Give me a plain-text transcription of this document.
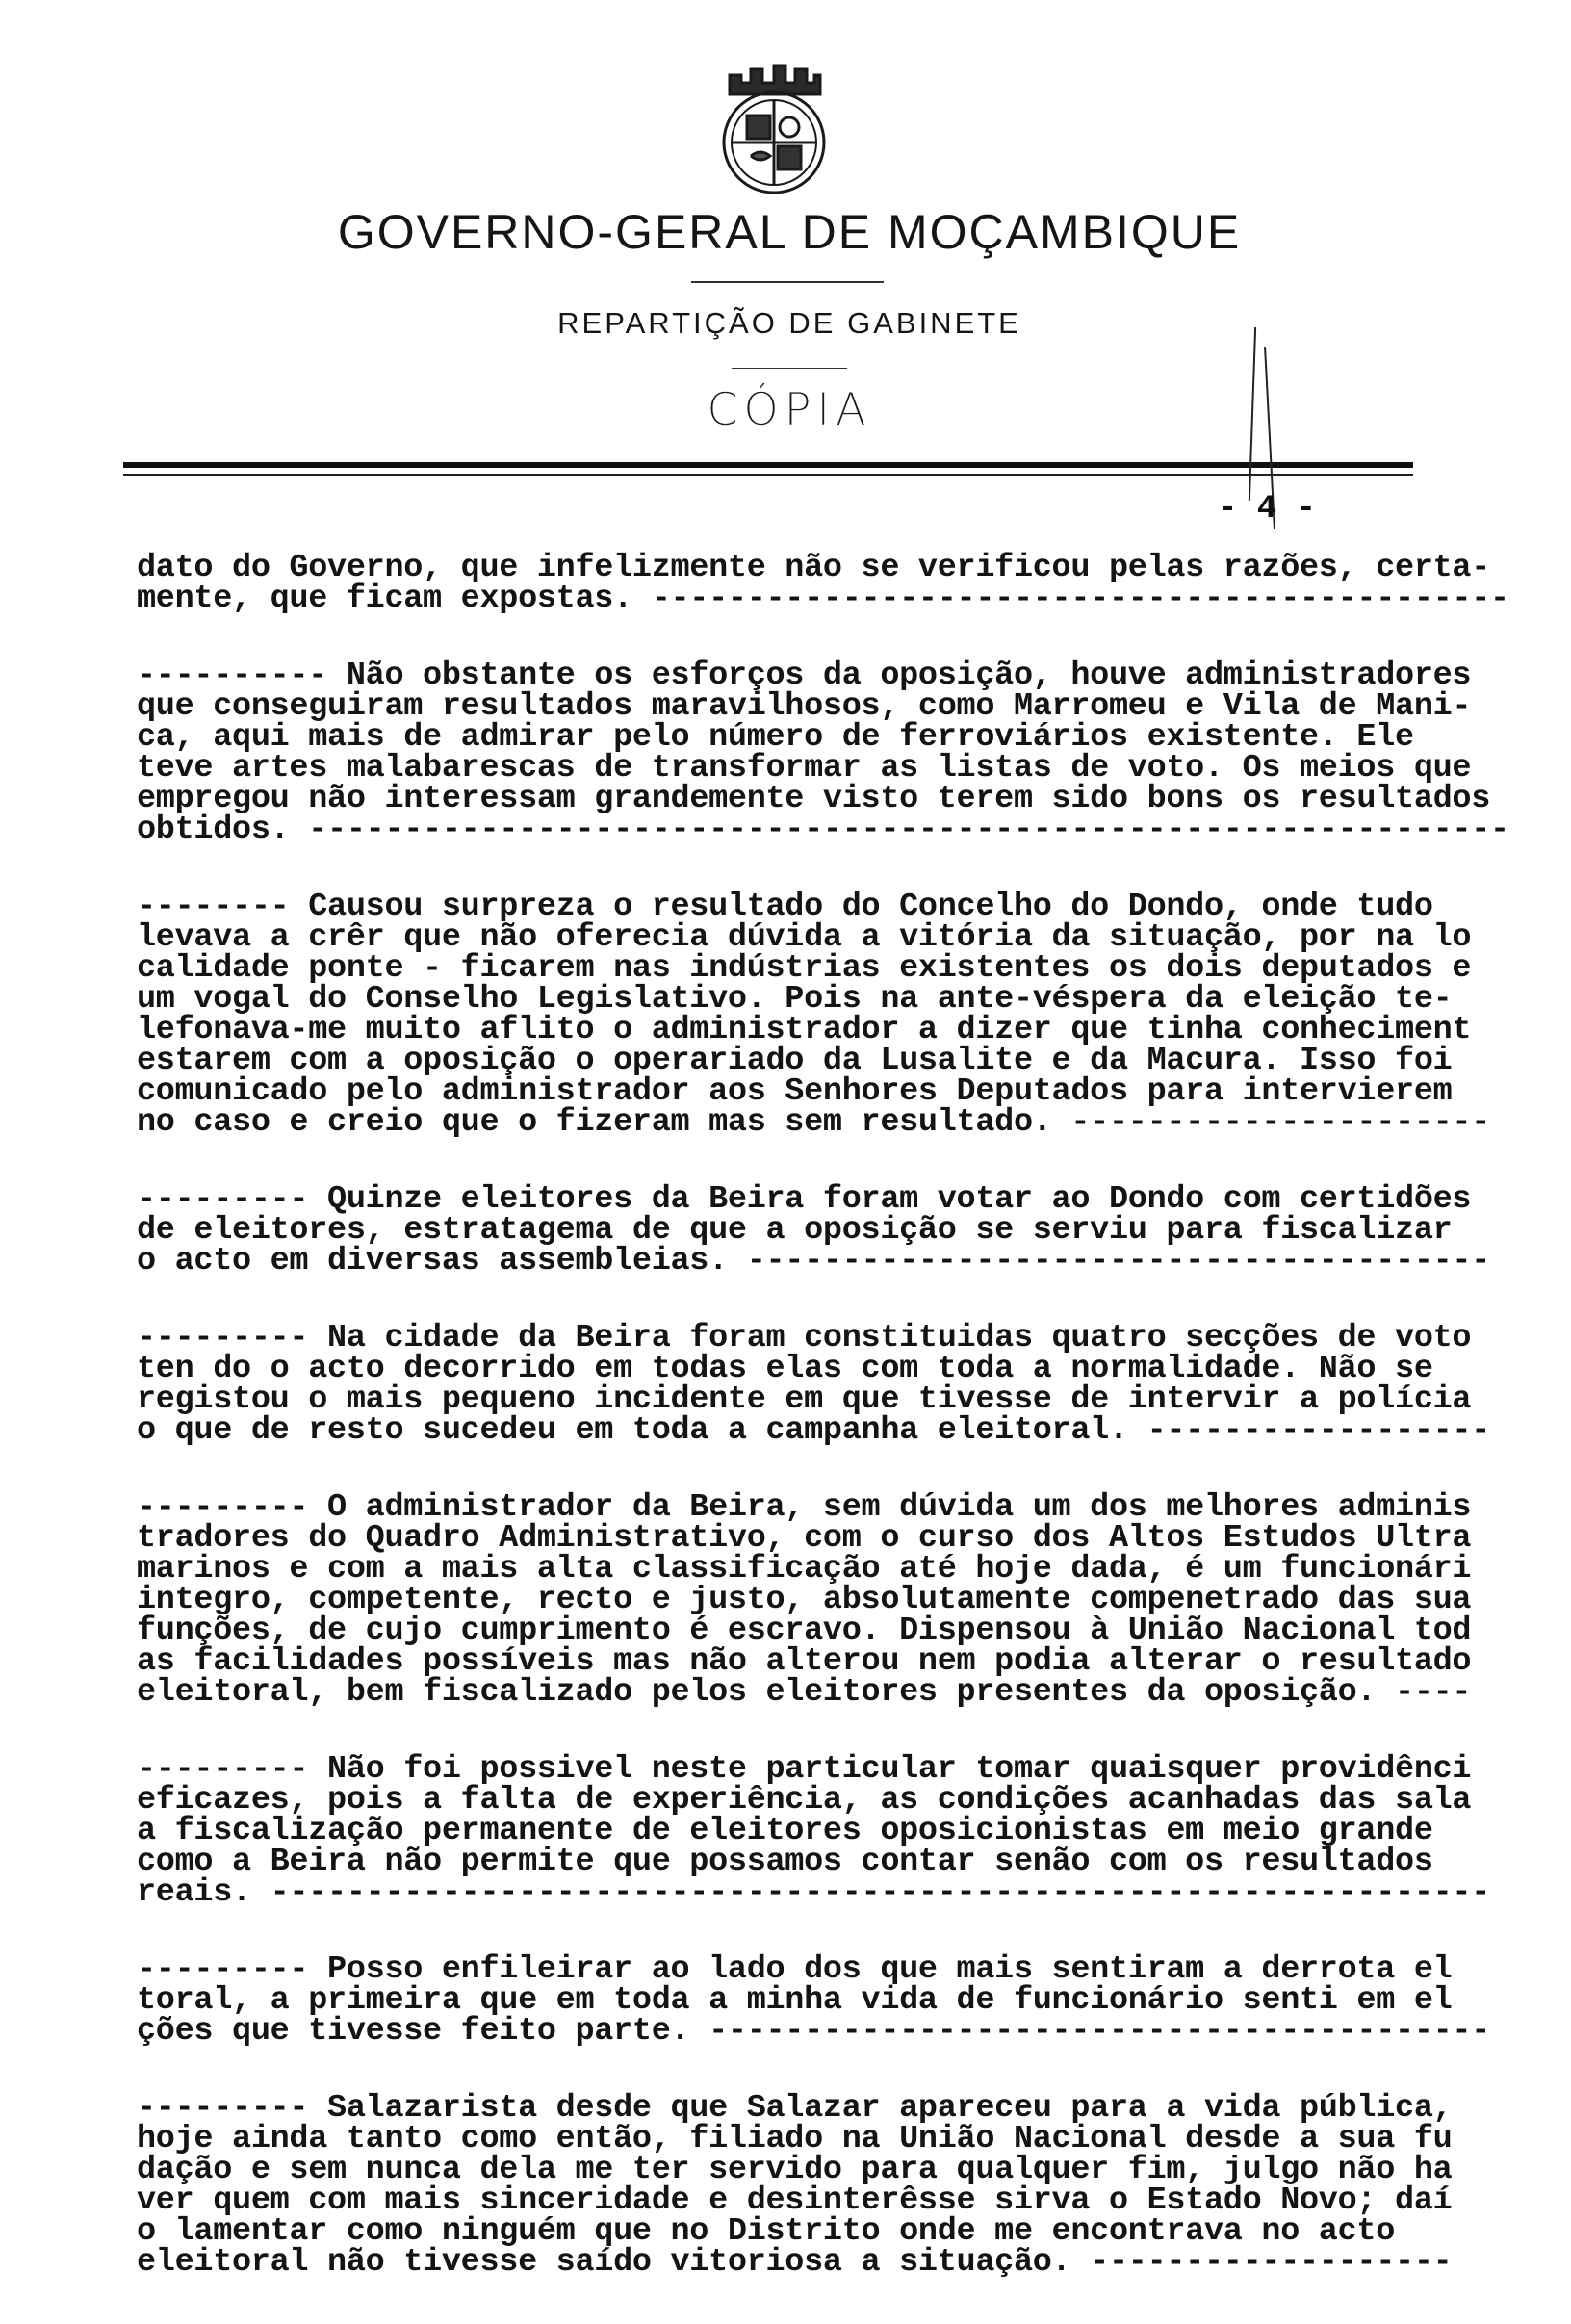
GOVERNO-GERAL DE MOÇAMBIQUE
REPARTIÇÃO DE GABINETE
CÓPIA
- 4 -
dato do Governo, que infelizmente não se verificou pelas razões, certa-
mente, que ficam expostas. ---------------------------------------------
---------- Não obstante os esforços da oposição, houve administradores
que conseguiram resultados maravilhosos, como Marromeu e Vila de Mani-
ca, aqui mais de admirar pelo número de ferroviários existente. Ele
teve artes malabarescas de transformar as listas de voto. Os meios que
empregou não interessam grandemente visto terem sido bons os resultados
obtidos. ---------------------------------------------------------------
-------- Causou surpreza o resultado do Concelho do Dondo, onde tudo
levava a crêr que não oferecia dúvida a vitória da situação, por na lo
calidade ponte - ficarem nas indústrias existentes os dois deputados e
um vogal do Conselho Legislativo. Pois na ante-véspera da eleição te-
lefonava-me muito aflito o administrador a dizer que tinha conheciment
estarem com a oposição o operariado da Lusalite e da Macura. Isso foi
comunicado pelo administrador aos Senhores Deputados para intervierem
no caso e creio que o fizeram mas sem resultado. ----------------------
--------- Quinze eleitores da Beira foram votar ao Dondo com certidões
de eleitores, estratagema de que a oposição se serviu para fiscalizar
o acto em diversas assembleias. ---------------------------------------
--------- Na cidade da Beira foram constituidas quatro secções de voto
ten do o acto decorrido em todas elas com toda a normalidade. Não se
registou o mais pequeno incidente em que tivesse de intervir a polícia
o que de resto sucedeu em toda a campanha eleitoral. ------------------
--------- O administrador da Beira, sem dúvida um dos melhores adminis
tradores do Quadro Administrativo, com o curso dos Altos Estudos Ultra
marinos e com a mais alta classificação até hoje dada, é um funcionári
integro, competente, recto e justo, absolutamente compenetrado das sua
funções, de cujo cumprimento é escravo. Dispensou à União Nacional tod
as facilidades possíveis mas não alterou nem podia alterar o resultado
eleitoral, bem fiscalizado pelos eleitores presentes da oposição. ----
--------- Não foi possivel neste particular tomar quaisquer providênci
eficazes, pois a falta de experiência, as condições acanhadas das sala
a fiscalização permanente de eleitores oposicionistas em meio grande
como a Beira não permite que possamos contar senão com os resultados
reais. ----------------------------------------------------------------
--------- Posso enfileirar ao lado dos que mais sentiram a derrota el
toral, a primeira que em toda a minha vida de funcionário senti em el
ções que tivesse feito parte. -----------------------------------------
--------- Salazarista desde que Salazar apareceu para a vida pública,
hoje ainda tanto como então, filiado na União Nacional desde a sua fu
dação e sem nunca dela me ter servido para qualquer fim, julgo não ha
ver quem com mais sinceridade e desinterêsse sirva o Estado Novo; daí
o lamentar como ninguém que no Distrito onde me encontrava no acto
eleitoral não tivesse saído vitoriosa a situação. -------------------
